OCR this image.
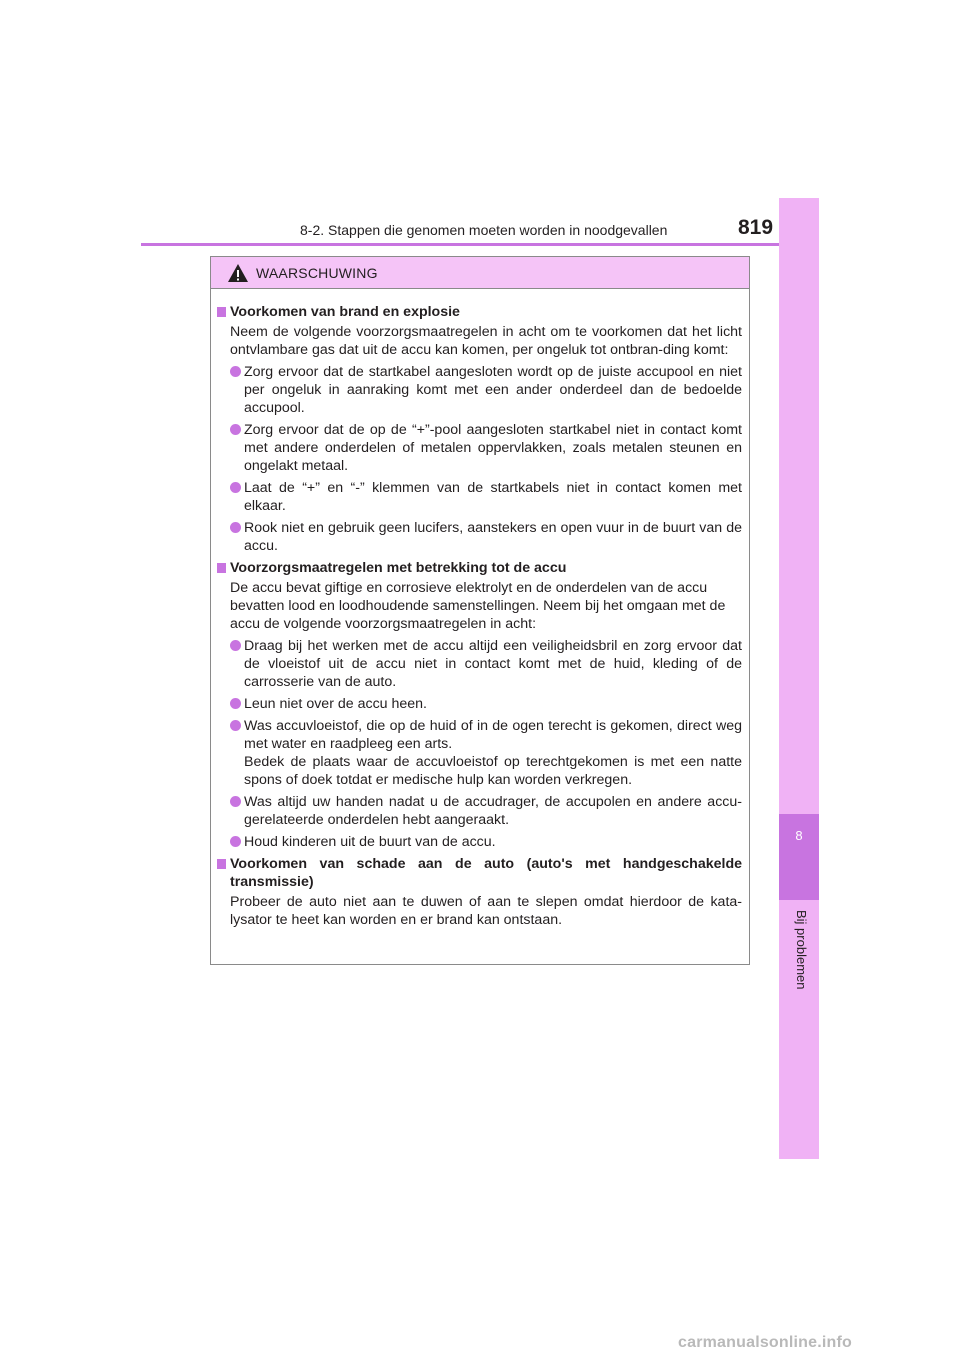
8-2. Stappen die genomen moeten worden in noodgevallen	819
8
Bij problemen
WAARSCHUWING
Voorkomen van brand en explosie
Neem de volgende voorzorgsmaatregelen in acht om te voorkomen dat het licht ontvlambare gas dat uit de accu kan komen, per ongeluk tot ontbran-ding komt:
Zorg ervoor dat de startkabel aangesloten wordt op de juiste accupool en niet per ongeluk in aanraking komt met een ander onderdeel dan de bedoelde accupool.
Zorg ervoor dat de op de “+”-pool aangesloten startkabel niet in contact komt met andere onderdelen of metalen oppervlakken, zoals metalen steunen en ongelakt metaal.
Laat de “+” en “-” klemmen van de startkabels niet in contact komen met elkaar.
Rook niet en gebruik geen lucifers, aanstekers en open vuur in de buurt van de accu.
Voorzorgsmaatregelen met betrekking tot de accu
De accu bevat giftige en corrosieve elektrolyt en de onderdelen van de accu bevatten lood en loodhoudende samenstellingen. Neem bij het omgaan met de accu de volgende voorzorgsmaatregelen in acht:
Draag bij het werken met de accu altijd een veiligheidsbril en zorg ervoor dat de vloeistof uit de accu niet in contact komt met de huid, kleding of de carrosserie van de auto.
Leun niet over de accu heen.
Was accuvloeistof, die op de huid of in de ogen terecht is gekomen, direct weg met water en raadpleeg een arts.
Bedek de plaats waar de accuvloeistof op terechtgekomen is met een natte spons of doek totdat er medische hulp kan worden verkregen.
Was altijd uw handen nadat u de accudrager, de accupolen en andere accu-gerelateerde onderdelen hebt aangeraakt.
Houd kinderen uit de buurt van de accu.
Voorkomen van schade aan de auto (auto's met handgeschakelde transmissie)
Probeer de auto niet aan te duwen of aan te slepen omdat hierdoor de kata-lysator te heet kan worden en er brand kan ontstaan.
carmanualsonline.info
